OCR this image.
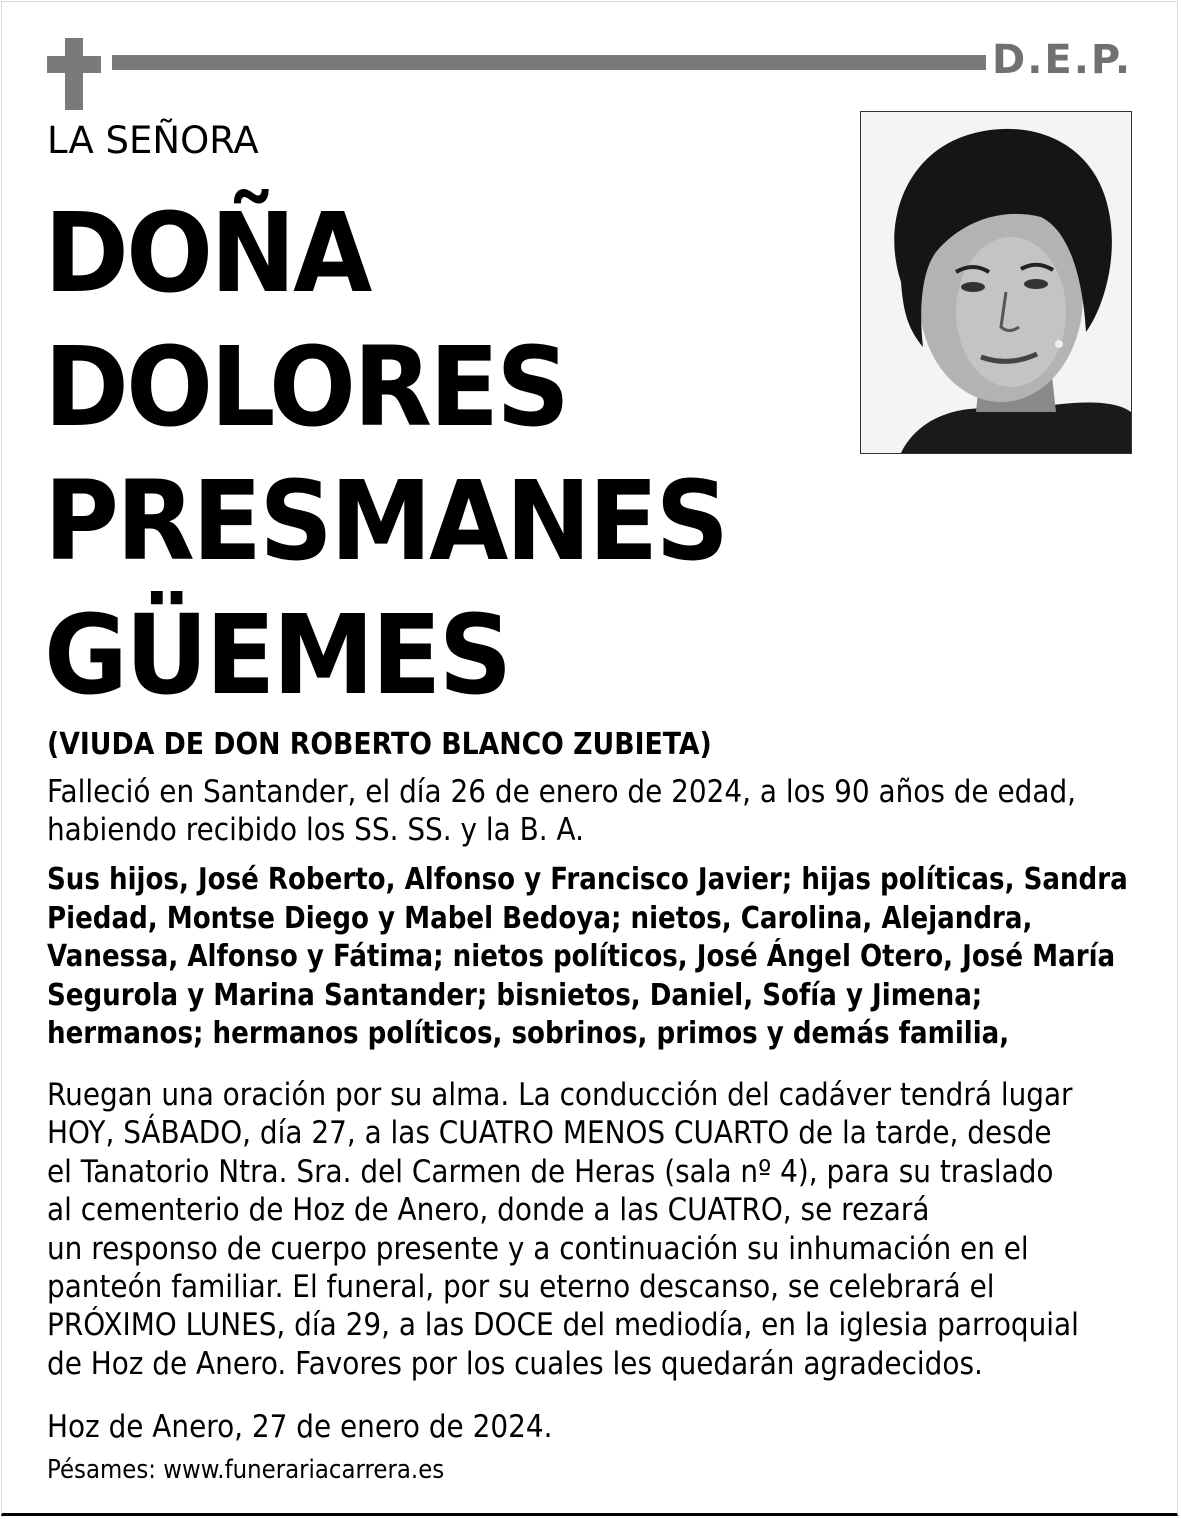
D.E.P.
LA SEÑORA
DOÑA
DOLORES
PRESMANES
GÜEMES
(VIUDA DE DON ROBERTO BLANCO ZUBIETA)
Falleció en Santander, el día 26 de enero de 2024, a los 90 años de edad,
habiendo recibido los SS. SS. y la B. A.
Sus hijos, José Roberto, Alfonso y Francisco Javier; hijas políticas, Sandra
Piedad, Montse Diego y Mabel Bedoya; nietos, Carolina, Alejandra,
Vanessa, Alfonso y Fátima; nietos políticos, José Ángel Otero, José María
Segurola y Marina Santander; bisnietos, Daniel, Sofía y Jimena;
hermanos; hermanos políticos, sobrinos, primos y demás familia,
Ruegan una oración por su alma. La conducción del cadáver tendrá lugar
HOY, SÁBADO, día 27, a las CUATRO MENOS CUARTO de la tarde, desde
el Tanatorio Ntra. Sra. del Carmen de Heras (sala nº 4), para su traslado
al cementerio de Hoz de Anero, donde a las CUATRO, se rezará
un responso de cuerpo presente y a continuación su inhumación en el
panteón familiar. El funeral, por su eterno descanso, se celebrará el
PRÓXIMO LUNES, día 29, a las DOCE del mediodía, en la iglesia parroquial
de Hoz de Anero. Favores por los cuales les quedarán agradecidos.
Hoz de Anero, 27 de enero de 2024.
Pésames: www.funerariacarrera.es
